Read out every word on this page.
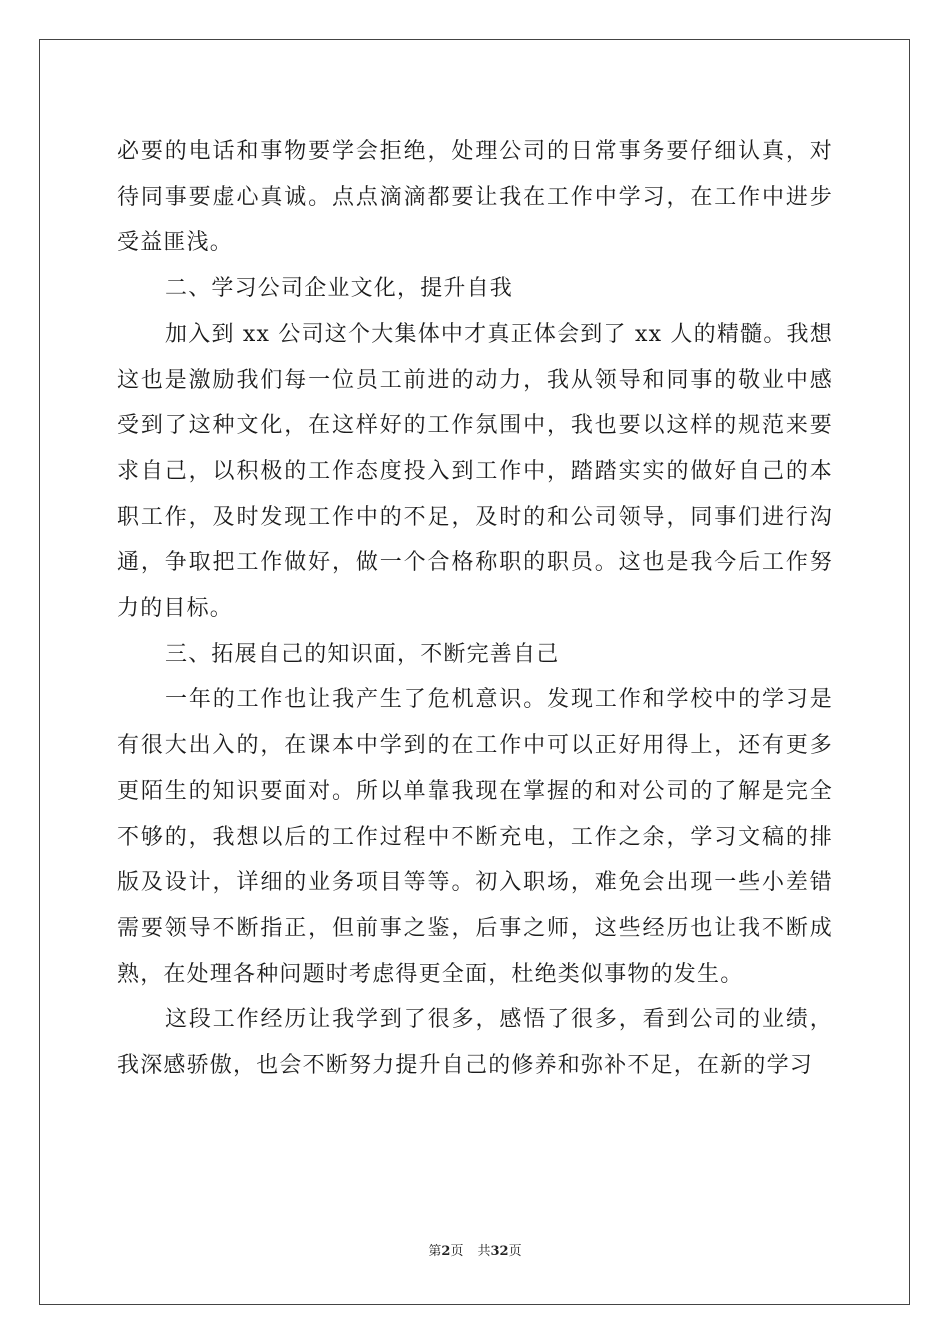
必要的电话和事物要学会拒绝，处理公司的日常事务要仔细认真，对待同事要虚心真诚。点点滴滴都要让我在工作中学习，在工作中进步受益匪浅。

二、学习公司企业文化，提升自我

加入到 xx 公司这个大集体中才真正体会到了 xx 人的精髓。我想这也是激励我们每一位员工前进的动力，我从领导和同事的敬业中感受到了这种文化，在这样好的工作氛围中，我也要以这样的规范来要求自己，以积极的工作态度投入到工作中，踏踏实实的做好自己的本职工作，及时发现工作中的不足，及时的和公司领导，同事们进行沟通，争取把工作做好，做一个合格称职的职员。这也是我今后工作努力的目标。

三、拓展自己的知识面，不断完善自己

一年的工作也让我产生了危机意识。发现工作和学校中的学习是有很大出入的，在课本中学到的在工作中可以正好用得上，还有更多更陌生的知识要面对。所以单靠我现在掌握的和对公司的了解是完全不够的，我想以后的工作过程中不断充电，工作之余，学习文稿的排版及设计，详细的业务项目等等。初入职场，难免会出现一些小差错需要领导不断指正，但前事之鉴，后事之师，这些经历也让我不断成熟，在处理各种问题时考虑得更全面，杜绝类似事物的发生。

这段工作经历让我学到了很多，感悟了很多，看到公司的业绩，我深感骄傲，也会不断努力提升自己的修养和弥补不足，在新的学习

第2页 共32页
